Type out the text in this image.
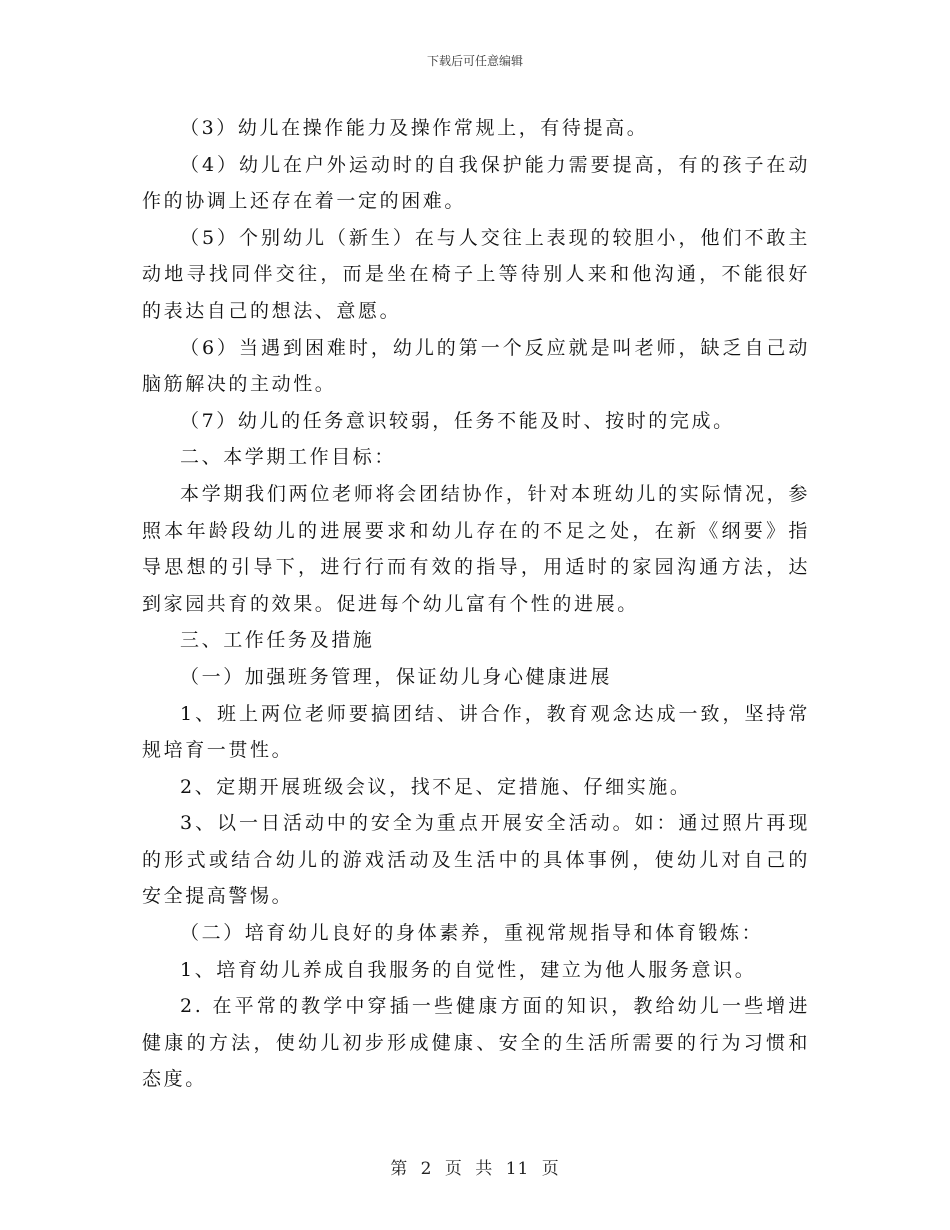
下载后可任意编辑

（3）幼儿在操作能力及操作常规上，有待提高。

（4）幼儿在户外运动时的自我保护能力需要提高，有的孩子在动作的协调上还存在着一定的困难。

（5）个别幼儿（新生）在与人交往上表现的较胆小，他们不敢主动地寻找同伴交往，而是坐在椅子上等待别人来和他沟通，不能很好的表达自己的想法、意愿。

（6）当遇到困难时，幼儿的第一个反应就是叫老师，缺乏自己动脑筋解决的主动性。

（7）幼儿的任务意识较弱，任务不能及时、按时的完成。

二、本学期工作目标：

本学期我们两位老师将会团结协作，针对本班幼儿的实际情况，参照本年龄段幼儿的进展要求和幼儿存在的不足之处，在新《纲要》指导思想的引导下，进行行而有效的指导，用适时的家园沟通方法，达到家园共育的效果。促进每个幼儿富有个性的进展。

三、工作任务及措施

（一）加强班务管理，保证幼儿身心健康进展

1、班上两位老师要搞团结、讲合作，教育观念达成一致，坚持常规培育一贯性。

2、定期开展班级会议，找不足、定措施、仔细实施。

3、以一日活动中的安全为重点开展安全活动。如：通过照片再现的形式或结合幼儿的游戏活动及生活中的具体事例，使幼儿对自己的安全提高警惕。

（二）培育幼儿良好的身体素养，重视常规指导和体育锻炼：

1、培育幼儿养成自我服务的自觉性，建立为他人服务意识。

2. 在平常的教学中穿插一些健康方面的知识，教给幼儿一些增进健康的方法，使幼儿初步形成健康、安全的生活所需要的行为习惯和态度。

第 2 页 共 11 页
